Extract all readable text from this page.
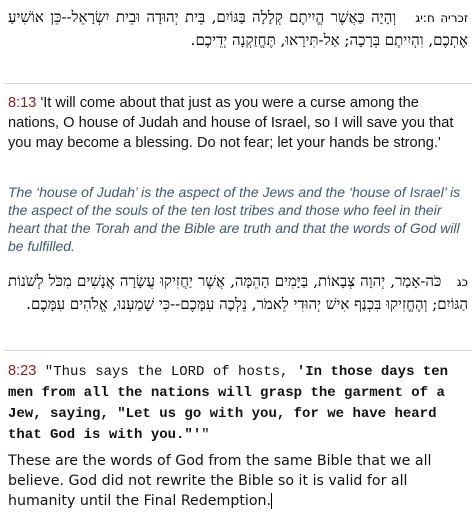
זכריה ח:יג   וְהָיָה כַּאֲשֶׁר הֱיִיתֶם קְלָלָה בַּגּוֹיִם, בֵּית יְהוּדָה וּבֵית יִשְׂרָאֵל--כֵּן אוֹשִׁיעַ אֶתְכֶם, וִהְיִיתֶם בְּרָכָה; אַל-תִּירָאוּ, תֶּחֱזַקְנָה יְדֵיכֶם.
8:13 'It will come about that just as you were a curse among the nations, O house of Judah and house of Israel, so I will save you that you may become a blessing. Do not fear; let your hands be strong.'
The ‘house of Judah’ is the aspect of the Jews and the ‘house of Israel’ is the aspect of the souls of the ten lost tribes and those who feel in their heart that the Torah and the Bible are truth and that the words of God will be fulfilled.
כג   כֹּה-אָמַר, יְהוָה צְבָאוֹת, בַּיָּמִים הָהֵמָּה, אֲשֶׁר יַחֲזִיקוּ עֲשָׂרָה אֲנָשִׁים מִכֹּל לְשֹׁנוֹת הַגּוֹיִם; וְהֶחֱזִיקוּ בִּכְנַף אִישׁ יְהוּדִי לֵאמֹר, נֵלְכָה עִמָּכֶם--כִּי שָׁמַעְנוּ, אֱלֹהִים עִמָּכֶם.
8:23 "Thus says the LORD of hosts, 'In those days ten men from all the nations will grasp the garment of a Jew, saying, "Let us go with you, for we have heard that God is with you."'"
These are the words of God from the same Bible that we all believe. God did not rewrite the Bible so it is valid for all humanity until the Final Redemption.
